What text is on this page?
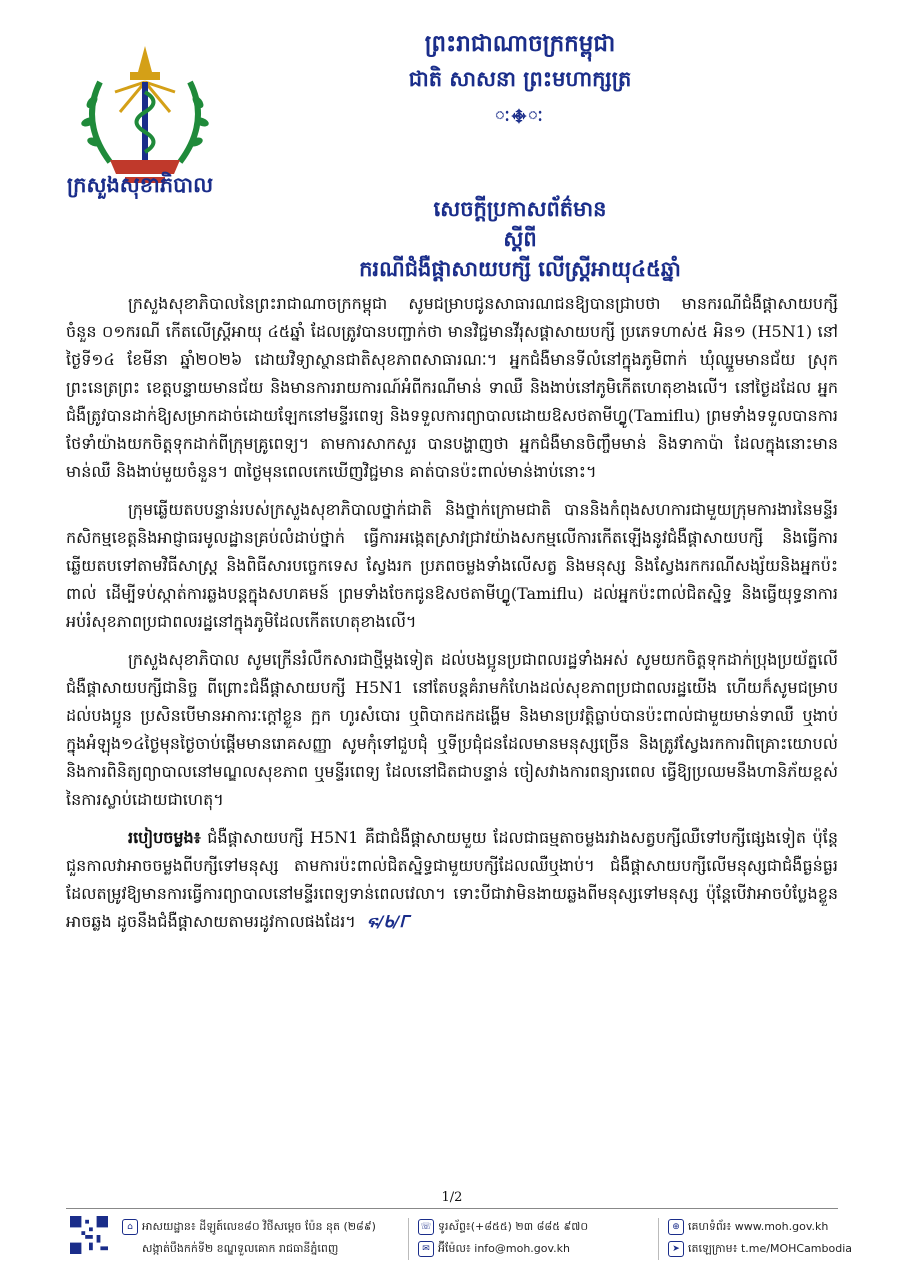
ក្រសួងសុខាភិបាល
ព្រះរាជាណាចក្រកម្ពុជា
ជាតិ សាសនា ព្រះមហាក្សត្រ
ៈ࿇ៈ
សេចក្តីប្រកាសព័ត៌មាន
ស្តីពី
ករណីជំងឺផ្តាសាយបក្សី លើស្ត្រីអាយុ៤៥ឆ្នាំ

ក្រសួងសុខាភិបាលនៃព្រះរាជាណាចក្រកម្ពុជា សូមជម្រាបជូនសាធារណជនឱ្យបានជ្រាបថា មានករណីជំងឺផ្តាសាយបក្សី ចំនួន ០១ករណី កើតលើស្ត្រីអាយុ ៤៥ឆ្នាំ ដែលត្រូវបានបញ្ជាក់ថា មានវិជ្ជមានវីរុសផ្តាសាយបក្សី ប្រភេទហាស់៥ អិន១ (H5N1) នៅថ្ងៃទី១៤ ខែមីនា ឆ្នាំ២០២៦ ដោយវិទ្យាស្ថានជាតិសុខភាពសាធារណៈ។ អ្នកជំងឺមានទីលំនៅក្នុងភូមិពាក់ ឃុំឈ្នួមមានជ័យ ស្រុកព្រះនេត្រព្រះ ខេត្តបន្ទាយមានជ័យ និងមានការរាយការណ៍អំពីករណីមាន់ ទាឈឺ និងងាប់នៅភូមិកើតហេតុខាងលើ។ នៅថ្ងៃដដែល អ្នកជំងឺត្រូវបានដាក់ឱ្យសម្រាកដាច់ដោយឡែកនៅមន្ទីរពេទ្យ និងទទួលការព្យាបាលដោយឱសថតាមីហ្វ្លូ(Tamiflu) ព្រមទាំងទទួលបានការថែទាំយ៉ាងយកចិត្តទុកដាក់ពីក្រុមគ្រូពេទ្យ។ តាមការសាកសួរ បានបង្ហាញថា អ្នកជំងឺមានចិញ្ចឹមមាន់ និងទាកាប៉ា ដែលក្នុងនោះមានមាន់ឈឺ និងងាប់មួយចំនួន។ ៣ថ្ងៃមុនពេលកេឃើញវិជ្ជមាន គាត់បានប៉ះពាល់មាន់ងាប់នោះ។

ក្រុមឆ្លើយតបបន្ទាន់របស់ក្រសួងសុខាភិបាលថ្នាក់ជាតិ និងថ្នាក់ក្រោមជាតិ បាននិងកំពុងសហការជាមួយក្រុមការងារនៃមន្ទីរកសិកម្មខេត្តនិងអាជ្ញាធរមូលដ្ឋានគ្រប់លំដាប់ថ្នាក់ ធ្វើការអង្កេតស្រាវជ្រាវយ៉ាងសកម្មលើការកើតឡើងនូវជំងឺផ្តាសាយបក្សី និងធ្វើការឆ្លើយតបទៅតាមវិធីសាស្ត្រ និងពិធីសារបច្ចេកទេស ស្វែងរក ប្រភពចម្លងទាំងលើសត្វ និងមនុស្ស និងស្វែងរកករណីសង្ស័យនិងអ្នកប៉ះពាល់ ដើម្បីទប់ស្កាត់ការឆ្លងបន្តក្នុងសហគមន៍ ព្រមទាំងចែកជូនឱសថតាមីហ្វ្លូ(Tamiflu) ដល់អ្នកប៉ះពាល់ជិតស្និទ្ធ និងធ្វើយុទ្ធនាការអប់រំសុខភាពប្រជាពលរដ្ឋនៅក្នុងភូមិដែលកើតហេតុខាងលើ។

ក្រសួងសុខាភិបាល សូមក្រើនរំលឹកសារជាថ្មីម្តងទៀត ដល់បងប្អូនប្រជាពលរដ្ឋទាំងអស់ សូមយកចិត្តទុកដាក់ប្រុងប្រយ័ត្នលើជំងឺផ្តាសាយបក្សីជានិច្ច ពីព្រោះជំងឺផ្តាសាយបក្សី H5N1 នៅតែបន្តគំរាមកំហែងដល់សុខភាពប្រជាពលរដ្ឋយើង ហើយក៏សូមជម្រាបដល់បងប្អូន ប្រសិនបើមានអាការៈក្តៅខ្លួន ក្អក ហូរសំបោរ ឬពិបាកដកដង្ហើម និងមានប្រវត្តិធ្លាប់បានប៉ះពាល់ជាមួយមាន់ទាឈឺ ឬងាប់ក្នុងអំឡុង១៤ថ្ងៃមុនថ្ងៃចាប់ផ្តើមមានរោគសញ្ញា សូមកុំទៅជួបជុំ ឬទីប្រជុំជនដែលមានមនុស្សច្រើន និងត្រូវស្វែងរកការពិគ្រោះយោបល់ និងការពិនិត្យព្យាបាលនៅមណ្ឌលសុខភាព ឬមន្ទីរពេទ្យ ដែលនៅជិតជាបន្ទាន់ ចៀសវាងការពន្យារពេល ធ្វើឱ្យប្រឈមនឹងហានិភ័យខ្ពស់នៃការស្លាប់ដោយជាហេតុ។

របៀបចម្លង៖ ជំងឺផ្តាសាយបក្សី H5N1 គឺជាជំងឺផ្តាសាយមួយ ដែលជាធម្មតាចម្លងរវាងសត្វបក្សីឈឺទៅបក្សីផ្សេងទៀត ប៉ុន្តែជួនកាលវាអាចចម្លងពីបក្សីទៅមនុស្ស តាមការប៉ះពាល់ជិតស្និទ្ធជាមួយបក្សីដែលឈឺឬងាប់។ ជំងឺផ្តាសាយបក្សីលើមនុស្សជាជំងឺធ្ងន់ធ្ងរ ដែលតម្រូវឱ្យមានការធ្វើការព្យាបាលនៅមន្ទីរពេទ្យទាន់ពេលវេលា។ ទោះបីជាវាមិនងាយឆ្លងពីមនុស្សទៅមនុស្ស ប៉ុន្តែបើវាអាចបំប្លែងខ្លួនអាចឆ្លង ដូចនឹងជំងឺផ្តាសាយតាមរដូវកាលផងដែរ។ ፍ/ᑲ/ᒥ

1/2
⌂ អាសយដ្ឋាន៖ ដីឡូត៍លេខ៨០ វិថីសម្តេច ប៉ែន នុត (២៨៩)
សង្កាត់បឹងកក់ទី២ ខណ្ឌទួលគោក រាជធានីភ្នំពេញ
☏ ទូរស័ព្ទ៖(+៨៥៥) ២៣ ៨៨៥ ៩៧០
✉ អ៊ីម៉ែល៖ info@moh.gov.kh
⊕ គេហទំព័រ៖ www.moh.gov.kh
➤ តេឡេក្រាម៖ t.me/MOHCambodia
